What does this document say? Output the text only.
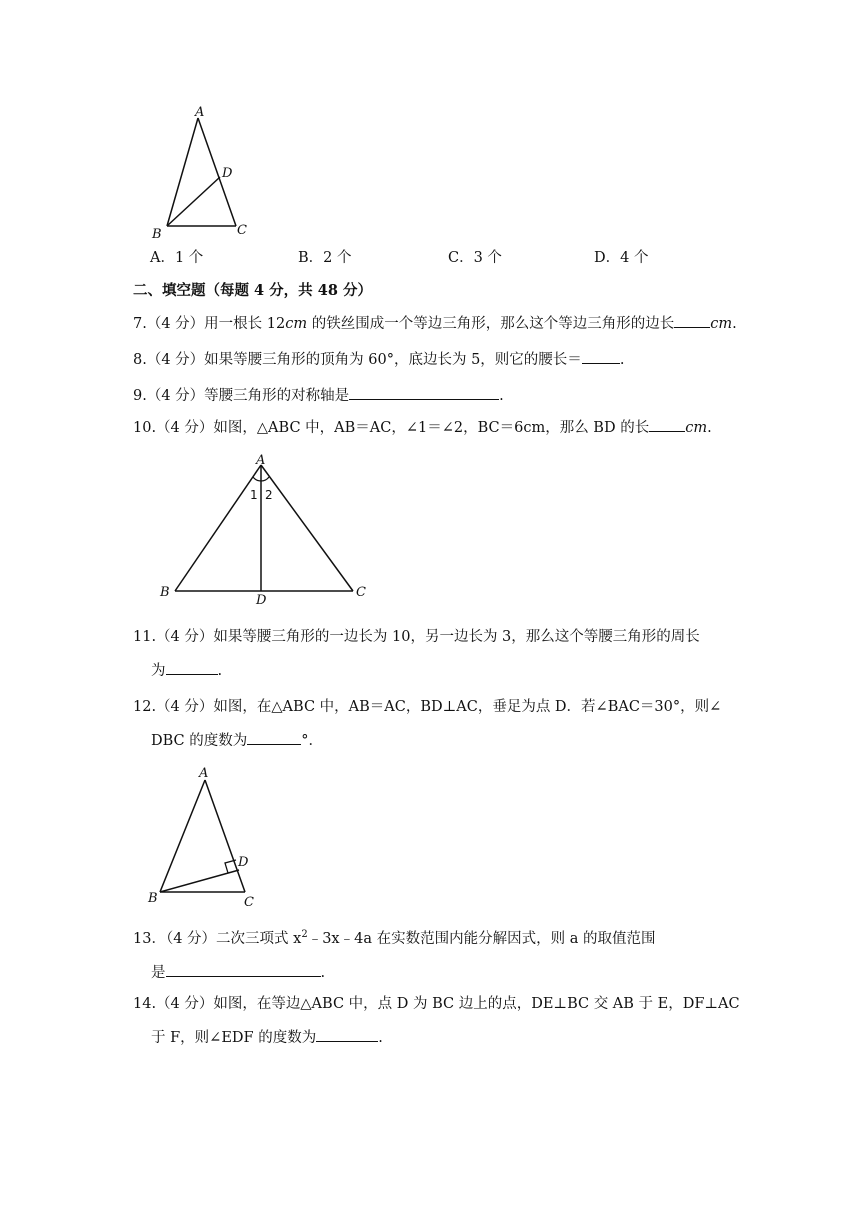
A
B	C
D
A．1 个	B．2 个	C．3 个	D．4 个
二、填空题（每题 4 分，共 48 分）
7.（4 分）用一根长 12cm 的铁丝围成一个等边三角形，那么这个等边三角形的边长 cm.
8.（4 分）如果等腰三角形的顶角为 60°，底边长为 5，则它的腰长＝	.
9.（4 分）等腰三角形的对称轴是	.
10.（4 分）如图，△ABC 中，AB＝AC，∠1＝∠2，BC＝6cm，那么 BD 的长 cm.
A
B	C
D
1 2
11.（4 分）如果等腰三角形的一边长为 10，另一边长为 3，那么这个等腰三角形的周长
为	.
12.（4 分）如图，在△ABC 中，AB＝AC，BD⊥AC，垂足为点 D．若∠BAC＝30°，则∠
DBC 的度数为	°．
A
B	C
D
13．（4 分）二次三项式 $x^2﹣3x﹣4a$ 在实数范围内能分解因式，则 a 的取值范围
是	.
14.（4 分）如图，在等边△ABC 中，点 D 为 BC 边上的点，DE⊥BC 交 AB 于 E，DF⊥AC
于 F，则∠EDF 的度数为	.
